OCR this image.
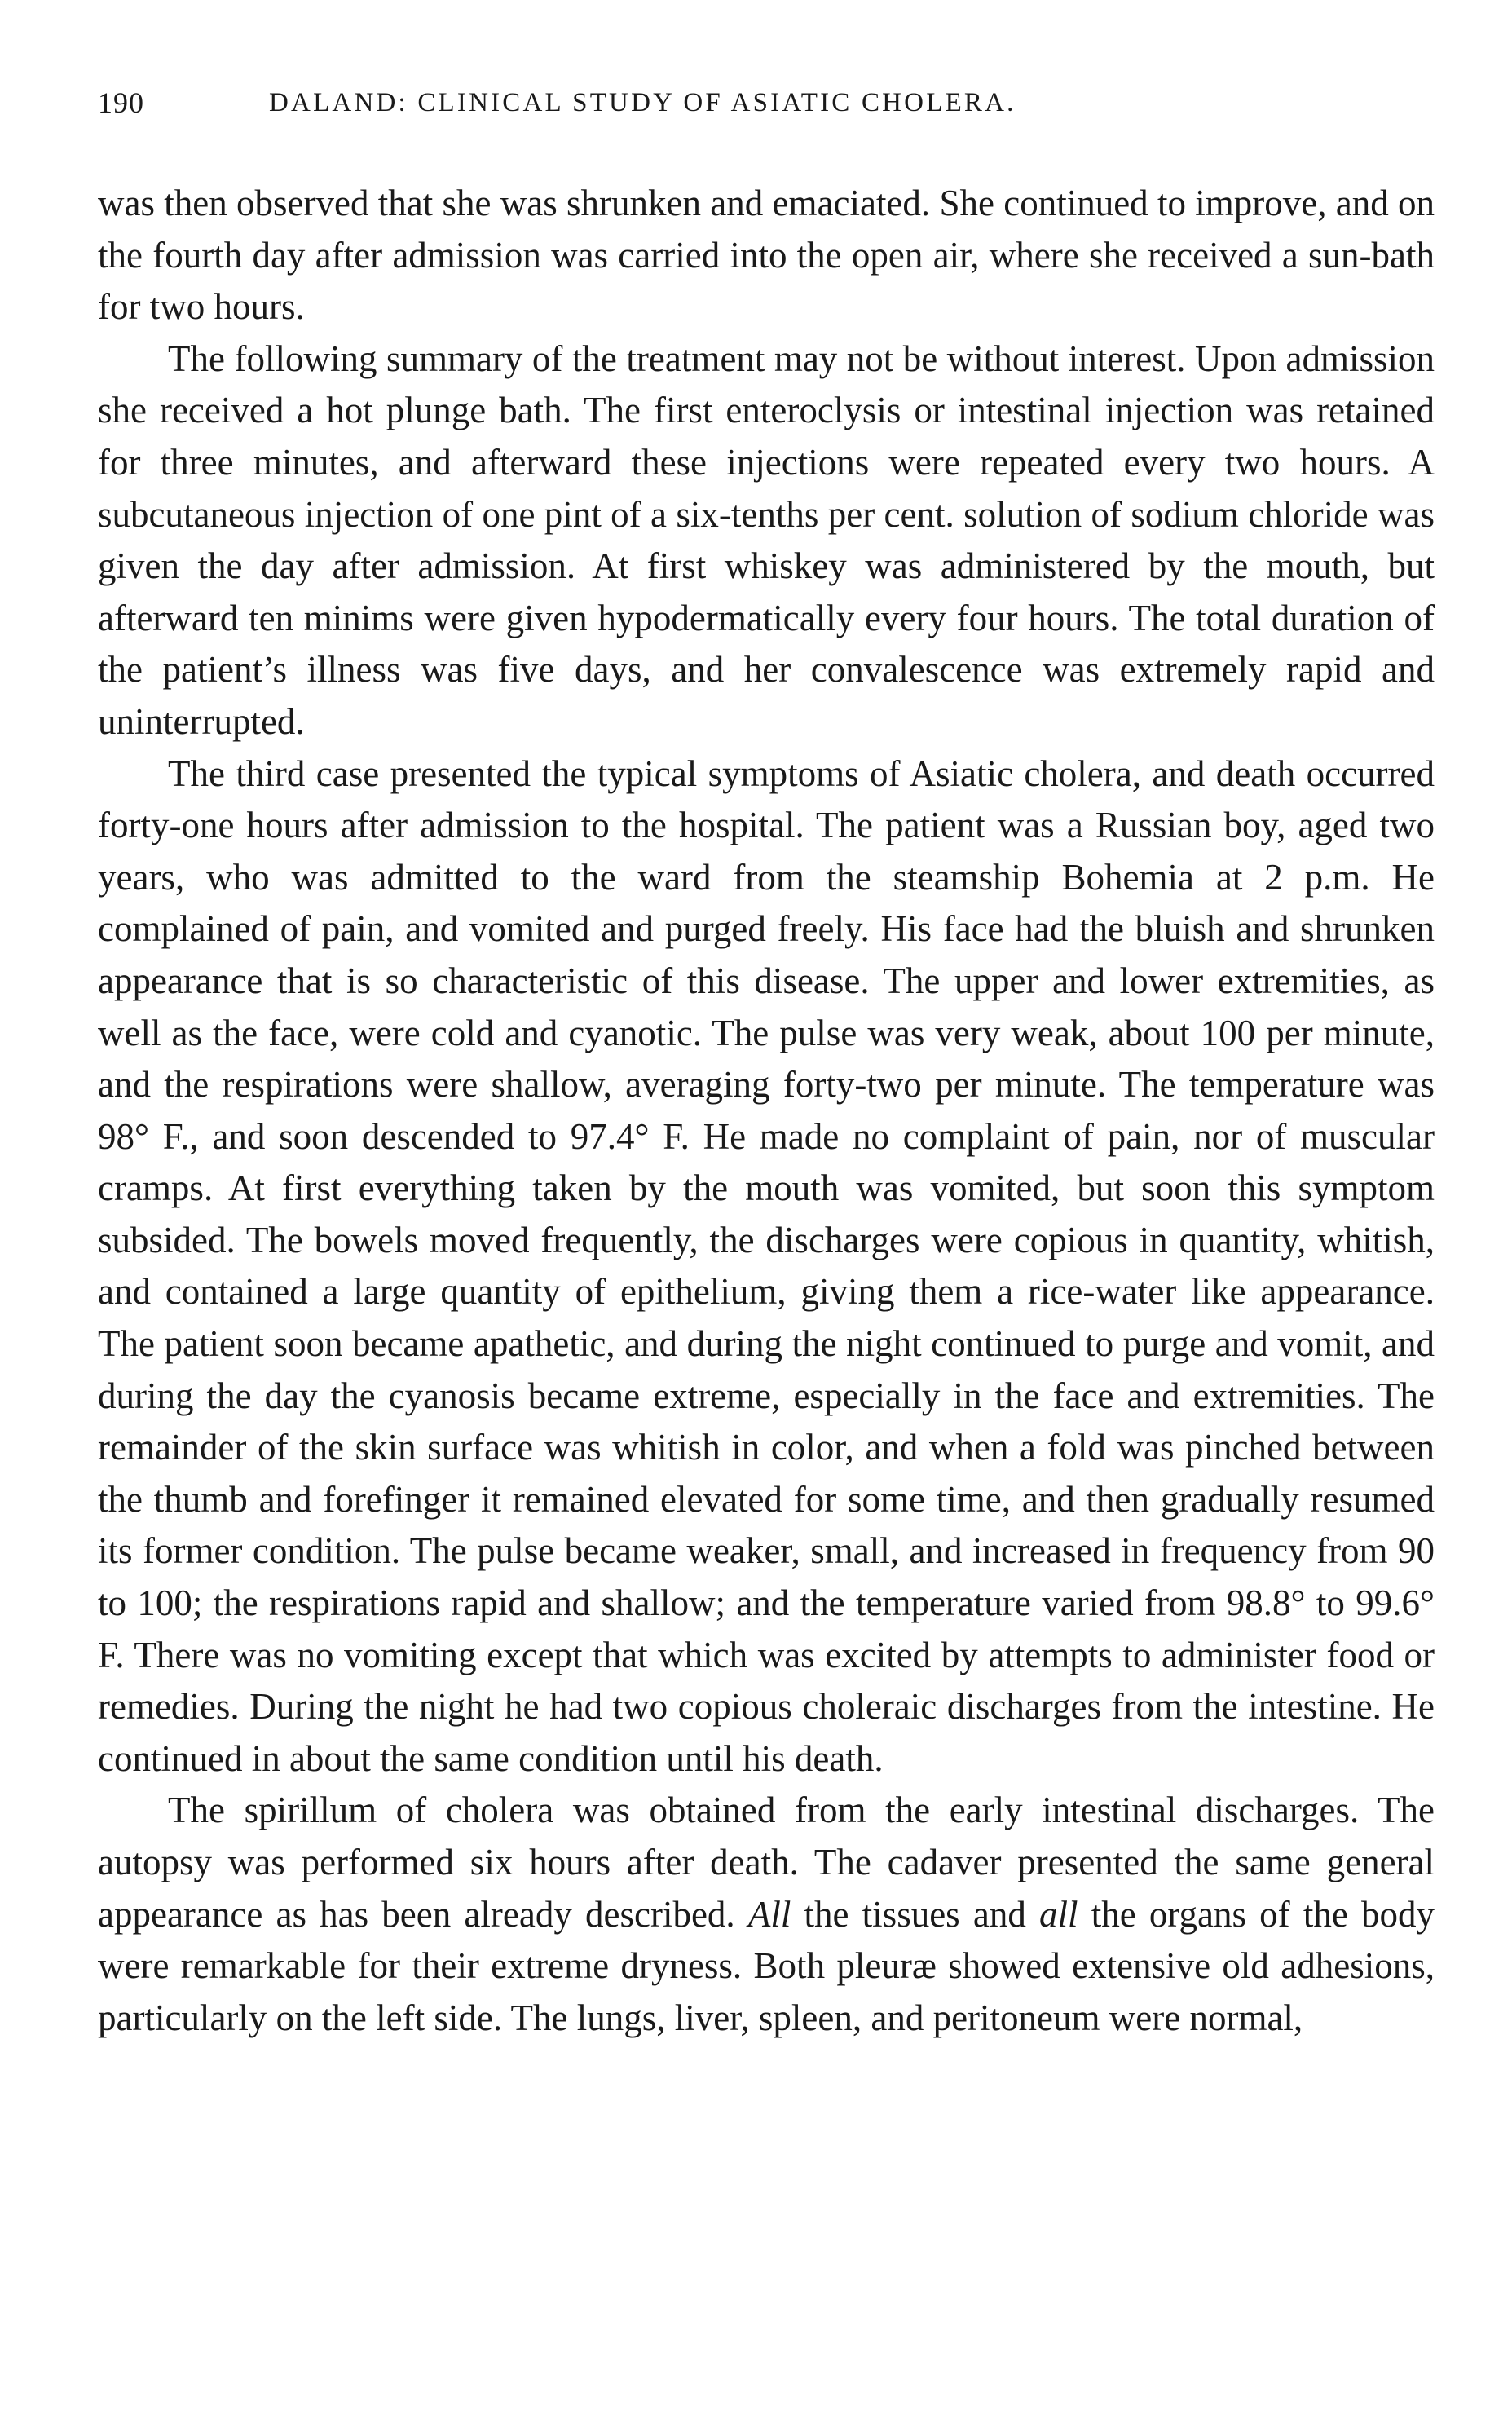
190	DALAND: CLINICAL STUDY OF ASIATIC CHOLERA.

was then observed that she was shrunken and emaciated. She continued to improve, and on the fourth day after admission was carried into the open air, where she received a sun-bath for two hours.

The following summary of the treatment may not be without interest. Upon admission she received a hot plunge bath. The first enteroclysis or intestinal injection was retained for three minutes, and afterward these injections were repeated every two hours. A subcutaneous injection of one pint of a six-tenths per cent. solution of sodium chloride was given the day after admission. At first whiskey was administered by the mouth, but afterward ten minims were given hypodermatically every four hours. The total duration of the patient’s illness was five days, and her convalescence was extremely rapid and uninterrupted.

The third case presented the typical symptoms of Asiatic cholera, and death occurred forty-one hours after admission to the hospital. The patient was a Russian boy, aged two years, who was admitted to the ward from the steamship Bohemia at 2 p.m. He complained of pain, and vomited and purged freely. His face had the bluish and shrunken appearance that is so characteristic of this disease. The upper and lower extremities, as well as the face, were cold and cyanotic. The pulse was very weak, about 100 per minute, and the respirations were shallow, averaging forty-two per minute. The temperature was 98° F., and soon descended to 97.4° F. He made no complaint of pain, nor of muscular cramps. At first everything taken by the mouth was vomited, but soon this symptom subsided. The bowels moved frequently, the discharges were copious in quantity, whitish, and contained a large quantity of epithelium, giving them a rice-water like appearance. The patient soon became apathetic, and during the night continued to purge and vomit, and during the day the cyanosis became extreme, especially in the face and extremities. The remainder of the skin surface was whitish in color, and when a fold was pinched between the thumb and forefinger it remained elevated for some time, and then gradually resumed its former condition. The pulse became weaker, small, and increased in frequency from 90 to 100; the respirations rapid and shallow; and the temperature varied from 98.8° to 99.6° F. There was no vomiting except that which was excited by attempts to administer food or remedies. During the night he had two copious choleraic discharges from the intestine. He continued in about the same condition until his death.

The spirillum of cholera was obtained from the early intestinal discharges. The autopsy was performed six hours after death. The cadaver presented the same general appearance as has been already described. All the tissues and all the organs of the body were remarkable for their extreme dryness. Both pleuræ showed extensive old adhesions, particularly on the left side. The lungs, liver, spleen, and peritoneum were normal,
